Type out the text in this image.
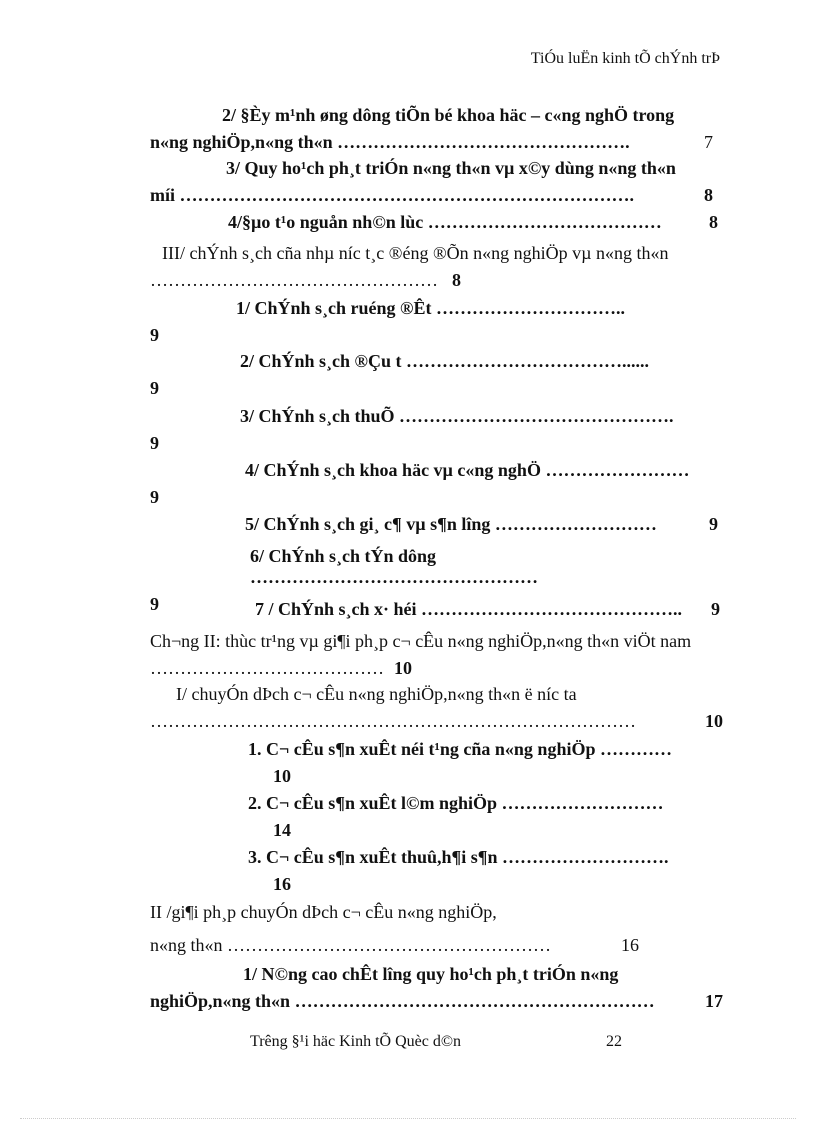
TiÓu luËn kinh tÕ chÝnh trÞ
2/ §Èy m¹nh øng dông tiÕn bé khoa häc – c«ng nghÖ trong
n«ng nghiÖp,n«ng th«n ………………………………………….	7
3/ Quy ho¹ch ph¸t triÓn n«ng th«n vµ x©y dùng n«ng th«n
míi ………………………………………………………………….	8
4/§µo t¹o nguån nh©n lùc …………………………………	8
III/ chÝnh s¸ch cña nhµ níc t¸c ®éng ®Õn n«ng nghiÖp vµ n«ng th«n
………………………………………… 8
1/ ChÝnh s¸ch ruéng ®Êt …………………………..
9
2/ ChÝnh s¸ch ®Çu t ………………………………......
9
3/ ChÝnh s¸ch thuÕ ……………………………………….
9
4/ ChÝnh s¸ch khoa häc vµ c«ng nghÖ ……………………
9
5/ ChÝnh s¸ch gi¸ c¶ vµ s¶n lîng ………………………	9
6/ ChÝnh s¸ch tÝn dông …………………………………………
9	7 / ChÝnh s¸ch x· héi …………………………………….. 9
Ch¬ng II: thùc tr¹ng vµ gi¶i ph¸p c¬ cÊu n«ng nghiÖp,n«ng th«n viÖt nam
………………………………… 10
I/ chuyÓn dÞch c¬ cÊu n«ng nghiÖp,n«ng th«n ë níc ta
………………………………………………………………………	10
1. C¬ cÊu s¶n xuÊt néi t¹ng cña n«ng nghiÖp …………
10
2. C¬ cÊu s¶n xuÊt l©m nghiÖp ………………………
14
3. C¬ cÊu s¶n xuÊt thuû,h¶i s¶n ……………………….
16
II /gi¶i ph¸p chuyÓn dÞch c¬ cÊu n«ng nghiÖp,
n«ng th«n ………………………………………………	16
1/ N©ng cao chÊt lîng quy ho¹ch ph¸t triÓn n«ng
nghiÖp,n«ng th«n ……………………………………………………	17
Trêng §¹i häc Kinh tÕ Quèc d©n	22
